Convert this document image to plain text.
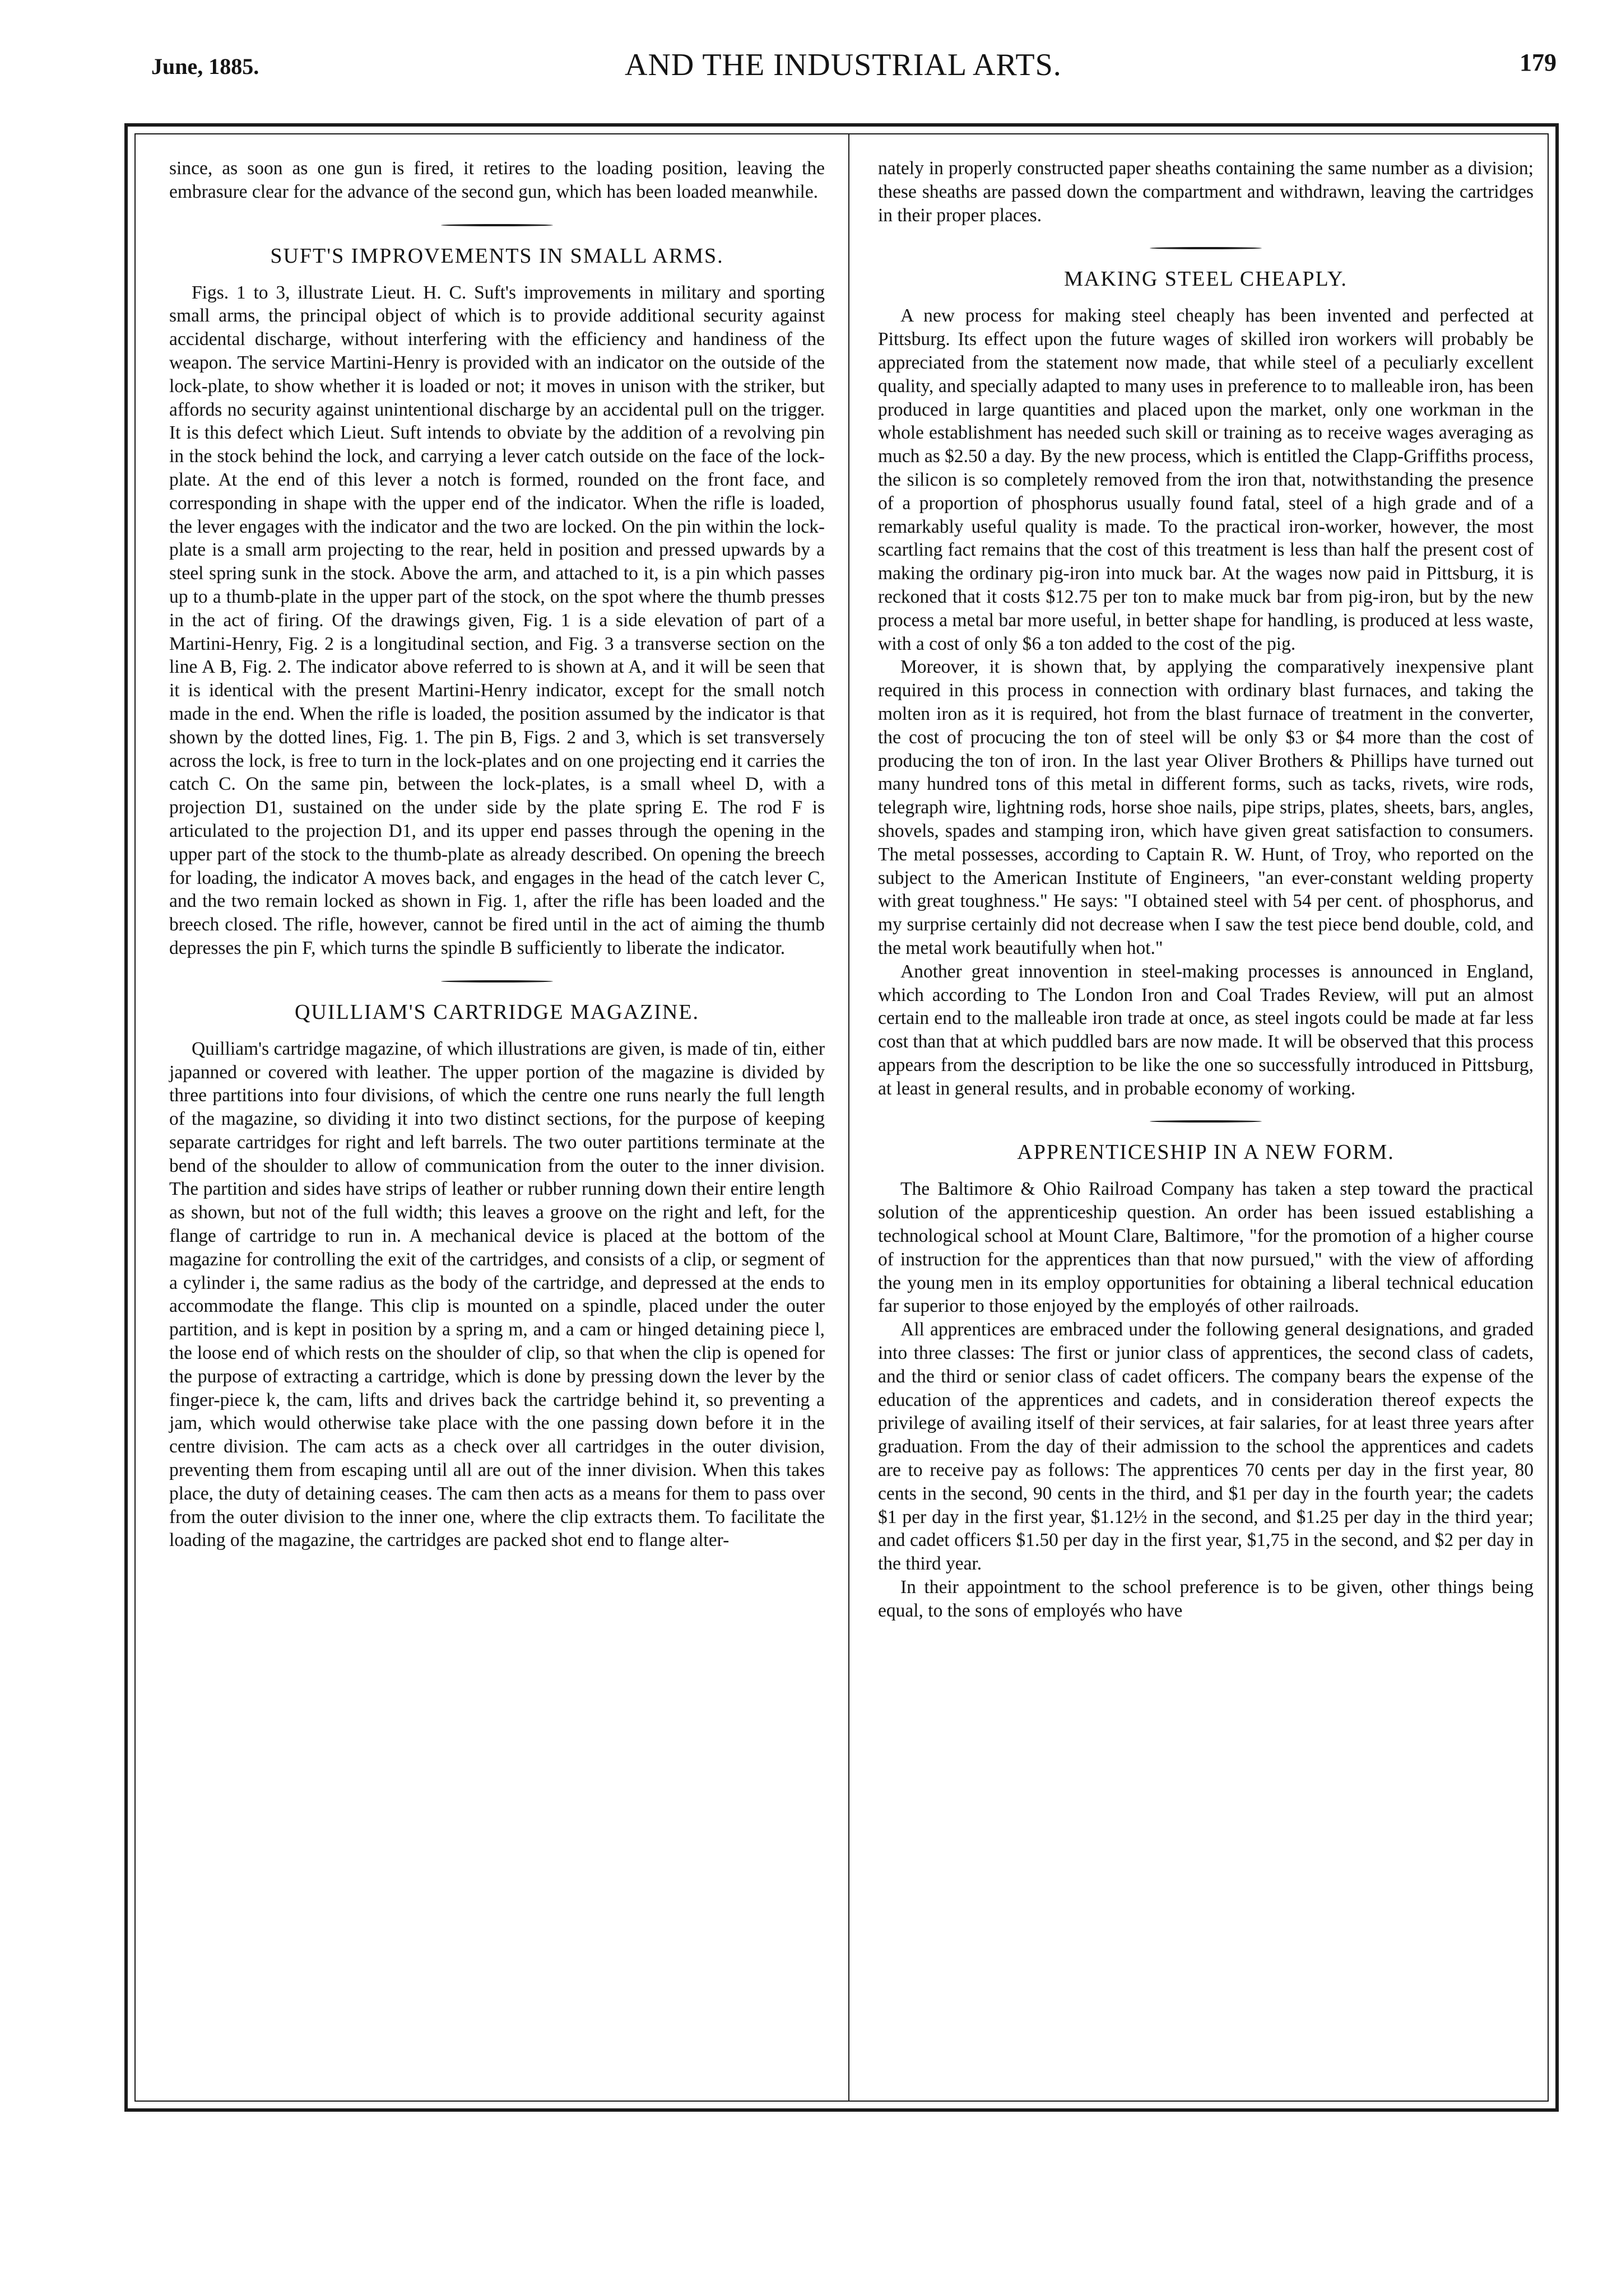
June, 1885.	AND THE INDUSTRIAL ARTS.	179

since, as soon as one gun is fired, it retires to the loading position, leaving the embrasure clear for the advance of the second gun, which has been loaded meanwhile.

SUFT'S IMPROVEMENTS IN SMALL ARMS.

Figs. 1 to 3, illustrate Lieut. H. C. Suft's improvements in military and sporting small arms, the principal object of which is to provide additional security against accidental discharge, without interfering with the efficiency and handiness of the weapon. The service Martini-Henry is provided with an indicator on the outside of the lock-plate, to show whether it is loaded or not; it moves in unison with the striker, but affords no security against unintentional discharge by an accidental pull on the trigger. It is this defect which Lieut. Suft intends to obviate by the addition of a revolving pin in the stock behind the lock, and carrying a lever catch outside on the face of the lock-plate. At the end of this lever a notch is formed, rounded on the front face, and corresponding in shape with the upper end of the indicator. When the rifle is loaded, the lever engages with the indicator and the two are locked. On the pin within the lock-plate is a small arm projecting to the rear, held in position and pressed upwards by a steel spring sunk in the stock. Above the arm, and attached to it, is a pin which passes up to a thumb-plate in the upper part of the stock, on the spot where the thumb presses in the act of firing. Of the drawings given, Fig. 1 is a side elevation of part of a Martini-Henry, Fig. 2 is a longitudinal section, and Fig. 3 a transverse section on the line A B, Fig. 2. The indicator above referred to is shown at A, and it will be seen that it is identical with the present Martini-Henry indicator, except for the small notch made in the end. When the rifle is loaded, the position assumed by the indicator is that shown by the dotted lines, Fig. 1. The pin B, Figs. 2 and 3, which is set transversely across the lock, is free to turn in the lock-plates and on one projecting end it carries the catch C. On the same pin, between the lock-plates, is a small wheel D, with a projection D1, sustained on the under side by the plate spring E. The rod F is articulated to the projection D1, and its upper end passes through the opening in the upper part of the stock to the thumb-plate as already described. On opening the breech for loading, the indicator A moves back, and engages in the head of the catch lever C, and the two remain locked as shown in Fig. 1, after the rifle has been loaded and the breech closed. The rifle, however, cannot be fired until in the act of aiming the thumb depresses the pin F, which turns the spindle B sufficiently to liberate the indicator.

QUILLIAM'S CARTRIDGE MAGAZINE.

Quilliam's cartridge magazine, of which illustrations are given, is made of tin, either japanned or covered with leather. The upper portion of the magazine is divided by three partitions into four divisions, of which the centre one runs nearly the full length of the magazine, so dividing it into two distinct sections, for the purpose of keeping separate cartridges for right and left barrels. The two outer partitions terminate at the bend of the shoulder to allow of communication from the outer to the inner division. The partition and sides have strips of leather or rubber running down their entire length as shown, but not of the full width; this leaves a groove on the right and left, for the flange of cartridge to run in. A mechanical device is placed at the bottom of the magazine for controlling the exit of the cartridges, and consists of a clip, or segment of a cylinder i, the same radius as the body of the cartridge, and depressed at the ends to accommodate the flange. This clip is mounted on a spindle, placed under the outer partition, and is kept in position by a spring m, and a cam or hinged detaining piece l, the loose end of which rests on the shoulder of clip, so that when the clip is opened for the purpose of extracting a cartridge, which is done by pressing down the lever by the finger-piece k, the cam, lifts and drives back the cartridge behind it, so preventing a jam, which would otherwise take place with the one passing down before it in the centre division. The cam acts as a check over all cartridges in the outer division, preventing them from escaping until all are out of the inner division. When this takes place, the duty of detaining ceases. The cam then acts as a means for them to pass over from the outer division to the inner one, where the clip extracts them. To facilitate the loading of the magazine, the cartridges are packed shot end to flange alter-

nately in properly constructed paper sheaths containing the same number as a division; these sheaths are passed down the compartment and withdrawn, leaving the cartridges in their proper places.

MAKING STEEL CHEAPLY.

A new process for making steel cheaply has been invented and perfected at Pittsburg. Its effect upon the future wages of skilled iron workers will probably be appreciated from the statement now made, that while steel of a peculiarly excellent quality, and specially adapted to many uses in preference to to malleable iron, has been produced in large quantities and placed upon the market, only one workman in the whole establishment has needed such skill or training as to receive wages averaging as much as $2.50 a day. By the new process, which is entitled the Clapp-Griffiths process, the silicon is so completely removed from the iron that, notwithstanding the presence of a proportion of phosphorus usually found fatal, steel of a high grade and of a remarkably useful quality is made. To the practical iron-worker, however, the most scartling fact remains that the cost of this treatment is less than half the present cost of making the ordinary pig-iron into muck bar. At the wages now paid in Pittsburg, it is reckoned that it costs $12.75 per ton to make muck bar from pig-iron, but by the new process a metal bar more useful, in better shape for handling, is produced at less waste, with a cost of only $6 a ton added to the cost of the pig.

Moreover, it is shown that, by applying the comparatively inexpensive plant required in this process in connection with ordinary blast furnaces, and taking the molten iron as it is required, hot from the blast furnace of treatment in the converter, the cost of procucing the ton of steel will be only $3 or $4 more than the cost of producing the ton of iron. In the last year Oliver Brothers & Phillips have turned out many hundred tons of this metal in different forms, such as tacks, rivets, wire rods, telegraph wire, lightning rods, horse shoe nails, pipe strips, plates, sheets, bars, angles, shovels, spades and stamping iron, which have given great satisfaction to consumers. The metal possesses, according to Captain R. W. Hunt, of Troy, who reported on the subject to the American Institute of Engineers, "an ever-constant welding property with great toughness." He says: "I obtained steel with 54 per cent. of phosphorus, and my surprise certainly did not decrease when I saw the test piece bend double, cold, and the metal work beautifully when hot."

Another great innovention in steel-making processes is announced in England, which according to The London Iron and Coal Trades Review, will put an almost certain end to the malleable iron trade at once, as steel ingots could be made at far less cost than that at which puddled bars are now made. It will be observed that this process appears from the description to be like the one so successfully introduced in Pittsburg, at least in general results, and in probable economy of working.

APPRENTICESHIP IN A NEW FORM.

The Baltimore & Ohio Railroad Company has taken a step toward the practical solution of the apprenticeship question. An order has been issued establishing a technological school at Mount Clare, Baltimore, "for the promotion of a higher course of instruction for the apprentices than that now pursued," with the view of affording the young men in its employ opportunities for obtaining a liberal technical education far superior to those enjoyed by the employés of other railroads.

All apprentices are embraced under the following general designations, and graded into three classes: The first or junior class of apprentices, the second class of cadets, and the third or senior class of cadet officers. The company bears the expense of the education of the apprentices and cadets, and in consideration thereof expects the privilege of availing itself of their services, at fair salaries, for at least three years after graduation. From the day of their admission to the school the apprentices and cadets are to receive pay as follows: The apprentices 70 cents per day in the first year, 80 cents in the second, 90 cents in the third, and $1 per day in the fourth year; the cadets $1 per day in the first year, $1.12½ in the second, and $1.25 per day in the third year; and cadet officers $1.50 per day in the first year, $1,75 in the second, and $2 per day in the third year.

In their appointment to the school preference is to be given, other things being equal, to the sons of employés who have
